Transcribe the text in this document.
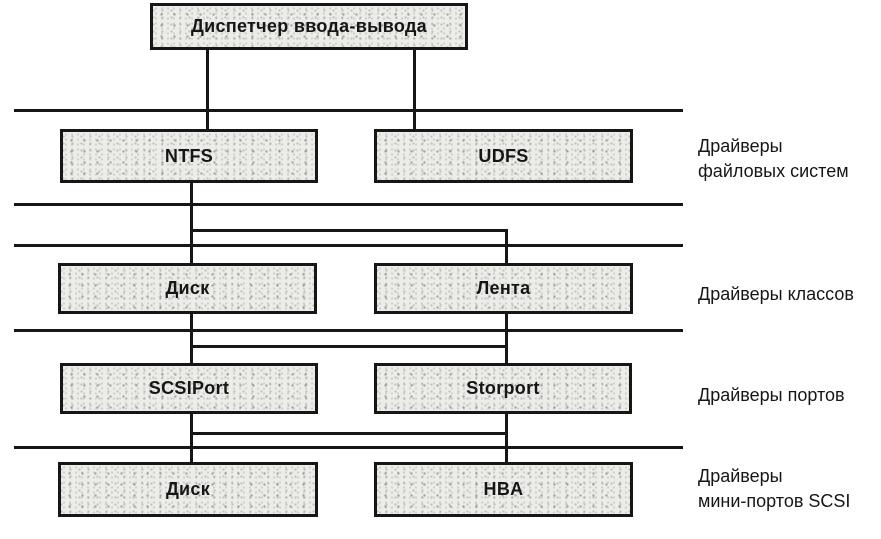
Диспетчер ввода-вывода
NTFS	UDFS	Драйверы
файловых систем
Диск	Лента	Драйверы классов
SCSIPort	Storport	Драйверы портов
Диск	HBA
Драйверы
мини-портов SCSI
